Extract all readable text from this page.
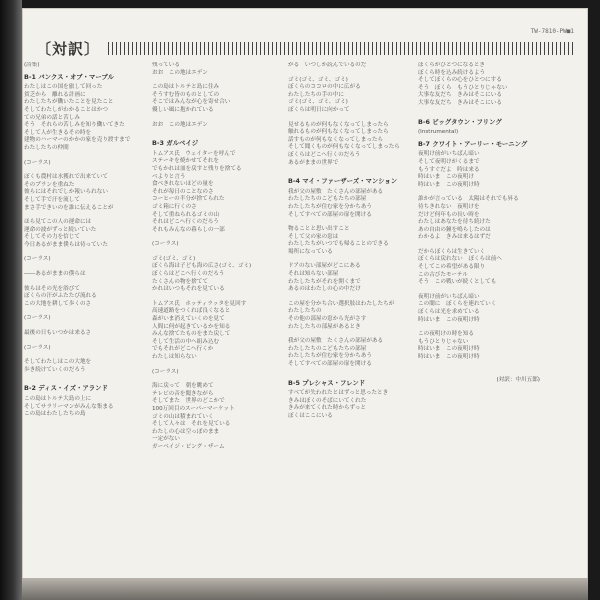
TW-7810-PW■1
〔対訳〕
(詩集)
B-1 バンクス・オブ・マーブル
わたしはこの国を旅して回った
貧乏から　離れる計画に
わたしたちが働いたことを見たこと
そしてわたしがわかることはかつ
ての兄弟の話と苦しみ
そう　それらの苦しみを知り働いてきた
そして人が生きるその時を
建物のハーマーのかかの家を売り渡すまで
わたしたちの仲間
(コーラス)
ぼくも農村は水獲れで出来ていて
そのプランを重ねた
彼らにはそれでしか報いられない
そして手で汗を流して
まさ手できいのを誰に伝えることが
ほら見てこの人の運命には
運命の波がずっと続いていた
そしてその力を信じて
今日あるがまま僕らは待っていた
(コーラス)
――あるがままの僕らは
彼らはその光を浴びて
ぼくらの汗がふたたび流れる
この大地を耕して歩くのさ
(コーラス)
最後の日もいつかは来るさ
(コーラス)
そしてわたしはこの大地を
歩き続けていくのだろう
B-2 ディス・イズ・アランド
この島はトルテ大島の上に
そしてサラリーマンがみんな集まる
この島はわたしたちの島
残っている
おお　この地はエデン
この島はトルテと島に住み
そうすむ皆のものとしての
そこではみんなが心を寄せ合い
優しい風に抱かれている
おお　この地はエデン
B-3 ガルベイジ
トムアス氏　ウェイターを呼んで
ステーキを焼かせてそれを
でもかれは皿を戻すと残りを捨てる
ベよりと言う
食べきれないほどの量を
それが毎日のことなのさ
コーヒーの半分が捨てられた
ゴミ箱に行くのさ
そして重ねられるゴミの山
それはどこへ行くのだろう
それもみんなの暮らしの一部
(コーラス)
ゴミ(ゴミ、ゴミ)
ぼくら海は子ども海の広さ(ゴミ、ゴミ)
ぼくらはどこへ行くのだろう
たくさんの物を捨てて
かれはいつもそれを見ている
トムアス氏　ホッティラッタを見回す
高速道路をつくれば良くなると
森がいま消えていくのを見て
人間に何が起きているかを知る
みんな捨てたものをまた戻して
そして生活の中へ組み込む
でもそれがどこへ行くか
わたしは知らない
(コーラス)
海に戻って　朝を眺めて
テレビの音を聞きながら
そしてまた　世界のどこかで
100万回目のスーパーマーケット
ゴミの山は積まれていく
そして人々は　それを見ている
わたしの心は空っぽのまま
一定がない
ガーベイジ・ビング・ザーム
がる　いつしか読んでいるのだ
ゴミ(ゴミ、ゴミ、ゴミ)
ぼくらのココロの中に広がる
わたしたちの手の中に
ゴミ(ゴミ、ゴミ、ゴミ)
ぼくらは明日に向かって
見せるものが何もなくなってしまったら
触れるものが何もなくなってしまったら
話すものが何もなくなってしまったら
そして聞くものが何もなくなってしまったら
ぼくらはどこへ行くのだろう
あるがままの世界で
B-4 マイ・ファーザーズ・マンション
我が父の屋敷　たくさんの部屋がある
わたしたちのこどもたちの部屋
わたしたちが住む家を分かちあう
そしてすべての部屋の扉を開ける
物ることと思い出すこと
そして父の家の窓は
わたしたちがいつでも帰ることのできる
場所になっている
ドアのない部屋がどこにある
それは知らない部屋
わたしたちがそれを開くまで
あるのはわたしの心の中だけ
この屋を分かち合い選択肢はわたしたちが
わたしたちの
その他の部屋の窓から光がさす
わたしたちの部屋があるとき
我が父の屋敷　たくさんの部屋がある
わたしたちのこどもたちの部屋
わたしたちが住む家を分かちあう
そしてすべての部屋の扉を開ける
B-5 プレシャス・フレンド
すべてが失われたとはずっと思ったとき
きみはぼくのそばにいてくれた
きみが来てくれた時からずっと
ぼくはここにいる
ぼくらがひとつになるとき
ぼくら時を込み続けるよう
そしてぼくらの心をひとつにする
そう　ぼくら　もうひとりじゃない
大事な友だち　きみはそこにいる
大事な友だち　きみはそこにいる
B-6 ビッグタウン・フリング
(Instrumental)
B-7 クワイト・アーリー・モーニング
夜明け前がいちばん暗い
そして夜明けがくるまで
もうすぐだよ　時は来る
時はいま　この夜明け
時はいま　この夜明け時
誰かが言っている　太陽はそれでも昇る
待ちきれない　夜明けを
だけど何年もの長い時を
わたしはあなたを待ち続けた
あの自由の鐘を鳴らしたのは
わかるよ　きみは来るはずだ
だからぼくらは生きていく
ぼくらは戻れない　ぼくらは前へ
そしてこの希望がある限り
この古びたモーテル
そう　この戦いが続くとしても
夜明け前がいちばん暗い
この闇に　ぼくらを連れていく
ぼくらは光を求めている
時はいま　この夜明け時
この夜明けの時を知る
もうひとりじゃない
時はいま　この夜明け時
時はいま　この夜明け時
(対訳：中川五郎)
